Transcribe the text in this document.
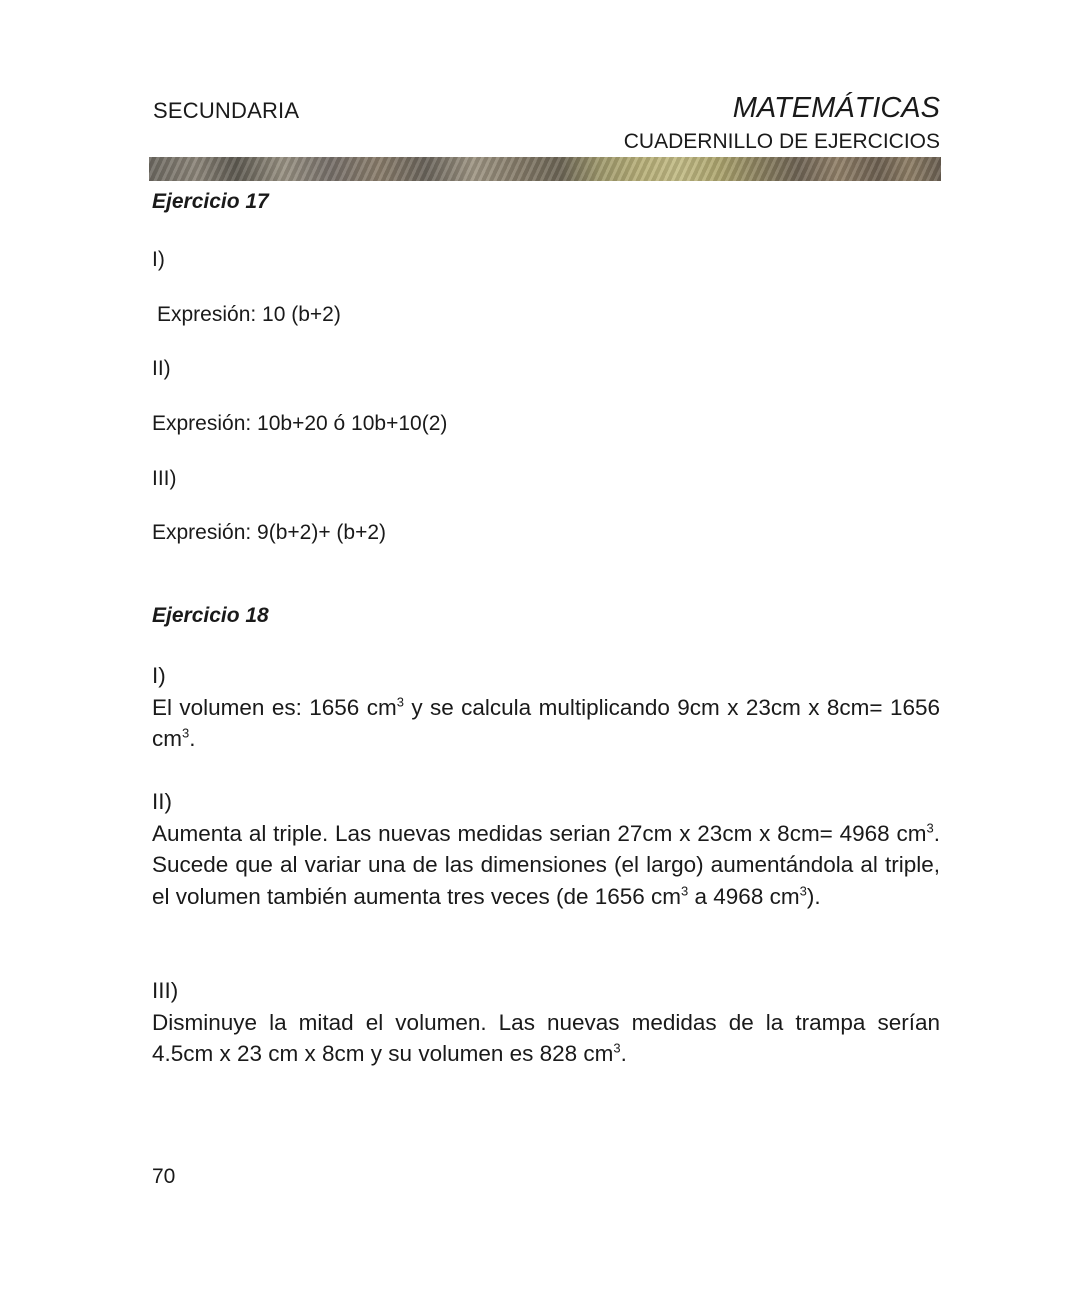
SECUNDARIA	MATEMÁTICAS
CUADERNILLO DE EJERCICIOS
Ejercicio 17
I)
Expresión: 10 (b+2)
II)
Expresión: 10b+20 ó 10b+10(2)
III)
Expresión: 9(b+2)+ (b+2)
Ejercicio 18
I)
El volumen es: 1656 $cm^3$ y se calcula multiplicando 9cm x 23cm x 8cm= 1656 $cm^3$.
II)
Aumenta al triple. Las nuevas medidas serian 27cm x 23cm x 8cm= 4968 $cm^3$. Sucede que al variar una de las dimensiones (el largo) aumentándola al triple, el volumen también aumenta tres veces (de 1656 $cm^3$ a 4968 $cm^3$).
III)
Disminuye la mitad el volumen. Las nuevas medidas de la trampa serían 4.5cm x 23 cm x 8cm y su volumen es 828 $cm^3$.
70
